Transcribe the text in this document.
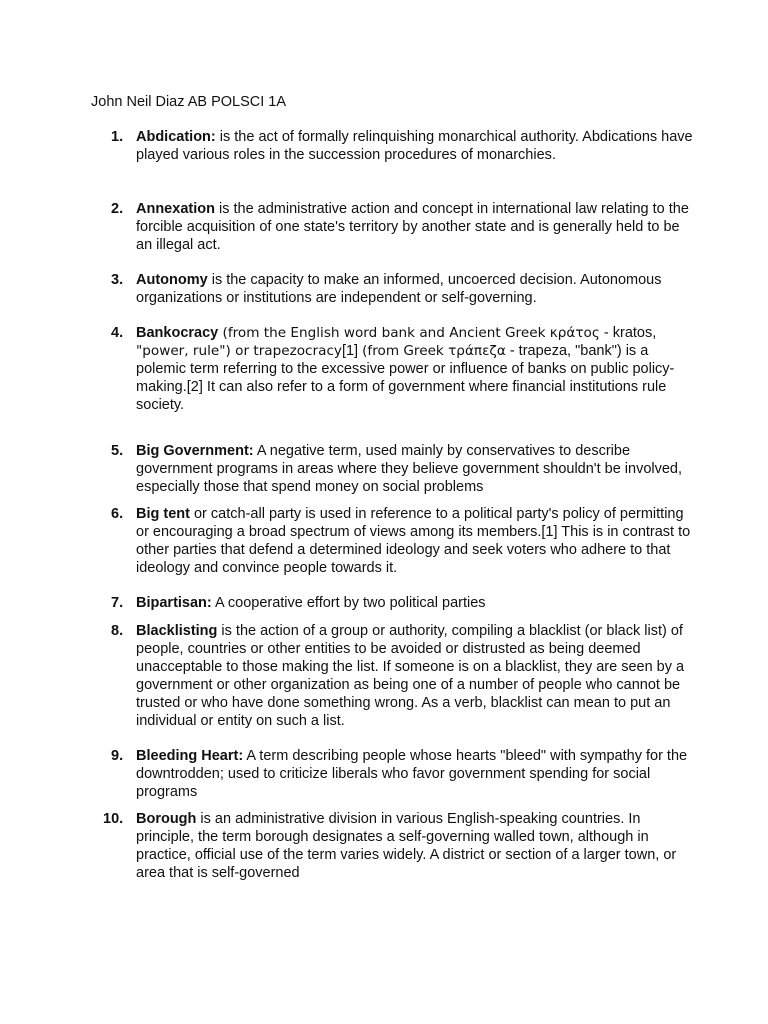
John Neil Diaz AB POLSCI 1A
1. Abdication: is the act of formally relinquishing monarchical authority. Abdications have played various roles in the succession procedures of monarchies.
2. Annexation is the administrative action and concept in international law relating to the forcible acquisition of one state's territory by another state and is generally held to be an illegal act.
3. Autonomy is the capacity to make an informed, uncoerced decision. Autonomous organizations or institutions are independent or self-governing.
4. Bankocracy (from the English word bank and Ancient Greek κράτος - kratos, "power, rule") or trapezocracy[1] (from Greek τράπεζα - trapeza, "bank") is a polemic term referring to the excessive power or influence of banks on public policy-making.[2] It can also refer to a form of government where financial institutions rule society.
5. Big Government: A negative term, used mainly by conservatives to describe government programs in areas where they believe government shouldn't be involved, especially those that spend money on social problems
6. Big tent or catch-all party is used in reference to a political party's policy of permitting or encouraging a broad spectrum of views among its members.[1] This is in contrast to other parties that defend a determined ideology and seek voters who adhere to that ideology and convince people towards it.
7. Bipartisan: A cooperative effort by two political parties
8. Blacklisting is the action of a group or authority, compiling a blacklist (or black list) of people, countries or other entities to be avoided or distrusted as being deemed unacceptable to those making the list. If someone is on a blacklist, they are seen by a government or other organization as being one of a number of people who cannot be trusted or who have done something wrong. As a verb, blacklist can mean to put an individual or entity on such a list.
9. Bleeding Heart: A term describing people whose hearts "bleed" with sympathy for the downtrodden; used to criticize liberals who favor government spending for social programs
10. Borough is an administrative division in various English-speaking countries. In principle, the term borough designates a self-governing walled town, although in practice, official use of the term varies widely. A district or section of a larger town, or area that is self-governed
